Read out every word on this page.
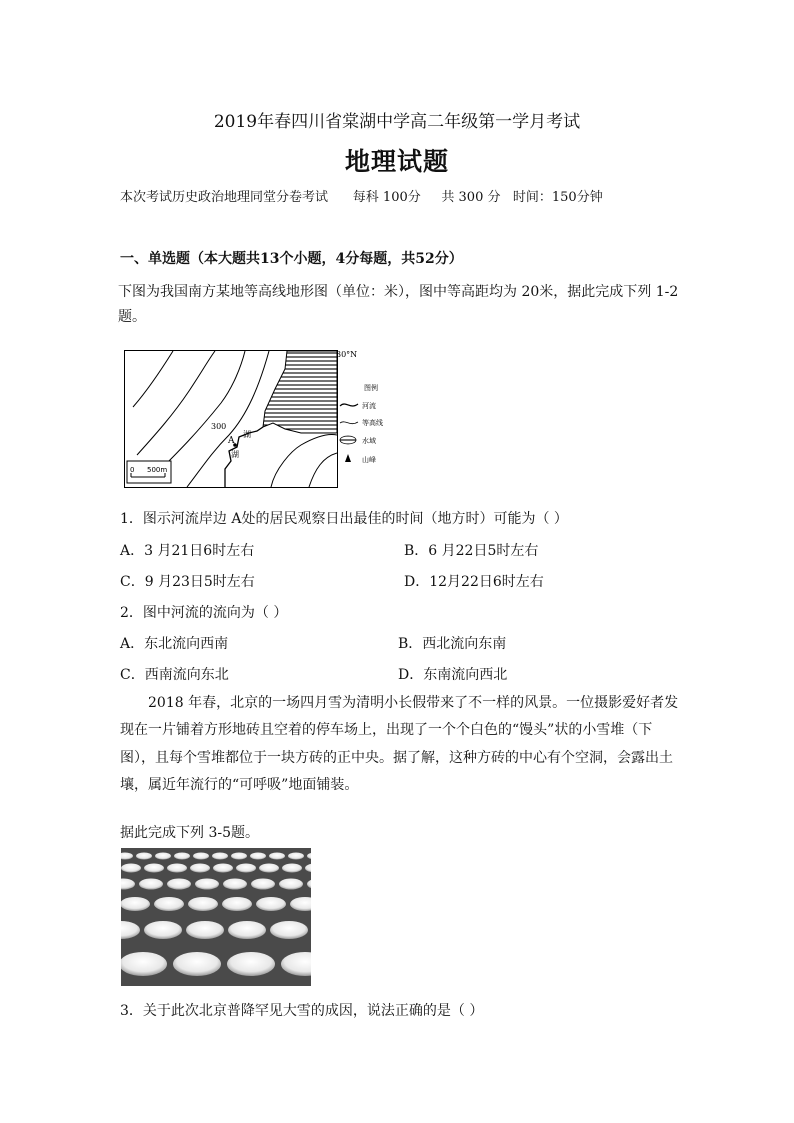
2019年春四川省棠湖中学高二年级第一学月考试
地理试题
本次考试历史政治地理同堂分卷考试      每科 100分     共 300 分   时间：150分钟
一、单选题（本大题共13个小题，4分每题，共52分）
下图为我国南方某地等高线地形图（单位：米），图中等高距均为 20米，据此完成下列 1-2题。
A
300
湖
湖
0 500m
30°N
图例
河流
等高线
水域
山峰
1．图示河流岸边 A处的居民观察日出最佳的时间（地方时）可能为（ ）
A．3 月21日6时左右	B．6 月22日5时左右
C．9 月23日5时左右	D．12月22日6时左右
2．图中河流的流向为（ ）
A．东北流向西南	B．西北流向东南
C．西南流向东北	D．东南流向西北
2018 年春，北京的一场四月雪为清明小长假带来了不一样的风景。一位摄影爱好者发现在一片铺着方形地砖且空着的停车场上，出现了一个个白色的“馒头”状的小雪堆（下图），且每个雪堆都位于一块方砖的正中央。据了解，这种方砖的中心有个空洞，会露出土壤，属近年流行的“可呼吸”地面铺装。
据此完成下列 3-5题。
3．关于此次北京普降罕见大雪的成因，说法正确的是（ ）
